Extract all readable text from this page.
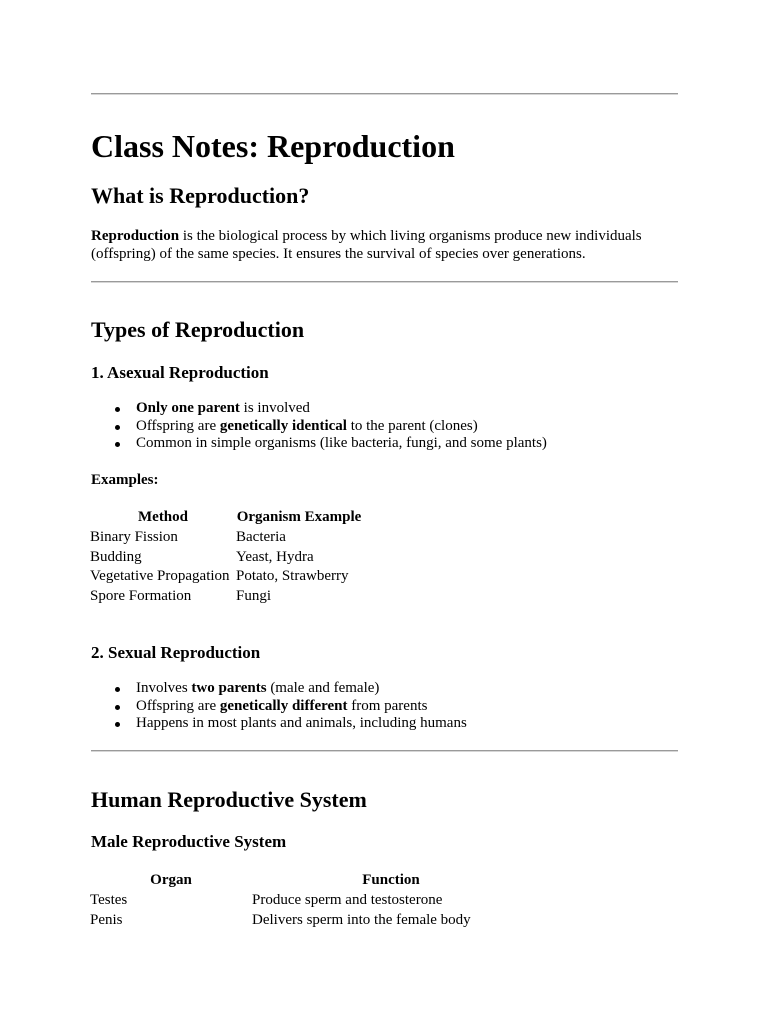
Class Notes: Reproduction
What is Reproduction?

Reproduction is the biological process by which living organisms produce new individuals (offspring) of the same species. It ensures the survival of species over generations.

Types of Reproduction
1. Asexual Reproduction
Only one parent is involved
Offspring are genetically identical to the parent (clones)
Common in simple organisms (like bacteria, fungi, and some plants)
Examples:
Method	Organism Example
Binary Fission	Bacteria
Budding	Yeast, Hydra
Vegetative Propagation	Potato, Strawberry
Spore Formation	Fungi
2. Sexual Reproduction
Involves two parents (male and female)
Offspring are genetically different from parents
Happens in most plants and animals, including humans
Human Reproductive System
Male Reproductive System
Organ	Function
Testes	Produce sperm and testosterone
Penis	Delivers sperm into the female body
